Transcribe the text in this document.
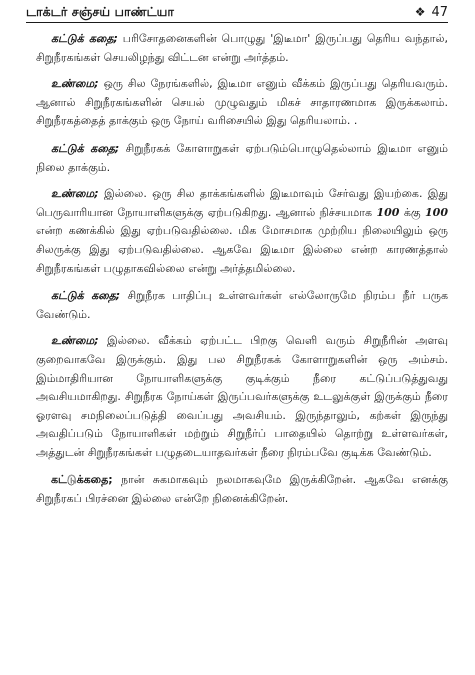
டாக்டர் சஞ்சய் பாண்ட்யா	❖ 47

கட்டுக் கதை; பரிசோதனைகளின் பொழுது 'இடீமா' இருப்பது தெரிய வந்தால், சிறுநீரகங்கள் செயலிழந்து விட்டன என்று அர்த்தம்.

உண்மை; ஒரு சில நேரங்களில், இடீமா எனும் வீக்கம் இருப்பது தெரியவரும். ஆனால் சிறுநீரகங்களின் செயல் முழுவதும் மிகச் சாதாரணமாக இருக்கலாம். சிறுநீரகத்தைத் தாக்கும் ஒரு நோய் வரிசையில் இது தெரியலாம். .

கட்டுக் கதை; சிறுநீரகக் கோளாறுகள் ஏற்படும்பொழுதெல்லாம் இடீமா எனும் நிலை தாக்கும்.

உண்மை; இல்லை. ஒரு சில தாக்கங்களில் இடீமாவும் சேர்வது இயற்கை. இது பெருவாரியான நோயாளிகளுக்கு ஏற்படுகிறது. ஆனால் நிச்சயமாக 100 க்கு 100 என்ற கணக்கில் இது ஏற்படுவதில்லை. மிக மோசமாக முற்றிய நிலையிலும் ஒரு சிலருக்கு இது ஏற்படுவதில்லை. ஆகவே இடீமா இல்லை என்ற காரணத்தால் சிறுநீரகங்கள் பழுதாகவில்லை என்று அர்த்தமில்லை.

கட்டுக் கதை; சிறுநீரக பாதிப்பு உள்ளவர்கள் எல்லோருமே நிரம்ப நீர் பருக வேண்டும்.

உண்மை; இல்லை. வீக்கம் ஏற்பட்ட பிறகு வெளி வரும் சிறுநீரின் அளவு குறைவாகவே இருக்கும். இது பல சிறுநீரகக் கோளாறுகளின் ஒரு அம்சம். இம்மாதிரியான நோயாளிகளுக்கு குடிக்கும் நீரை கட்டுப்படுத்துவது அவசியமாகிறது. சிறுநீரக நோய்கள் இருப்பவர்களுக்கு உடலுக்குள் இருக்கும் நீரை ஓரளவு சமநிலைப்படுத்தி வைப்பது அவசியம். இருந்தாலும், கற்கள் இருந்து அவதிப்படும் நோயாளிகள் மற்றும் சிறுநீர்ப் பாதையில் தொற்று உள்ளவர்கள், அத்துடன் சிறுநீரகங்கள் பழுதடையாதவர்கள் நீரை நிரம்பவே குடிக்க வேண்டும்.

கட்டுக்கதை; நான் சுகமாகவும் நலமாகவுமே இருக்கிறேன். ஆகவே எனக்கு சிறுநீரகப் பிரச்னை இல்லை என்றே நினைக்கிறேன்.
